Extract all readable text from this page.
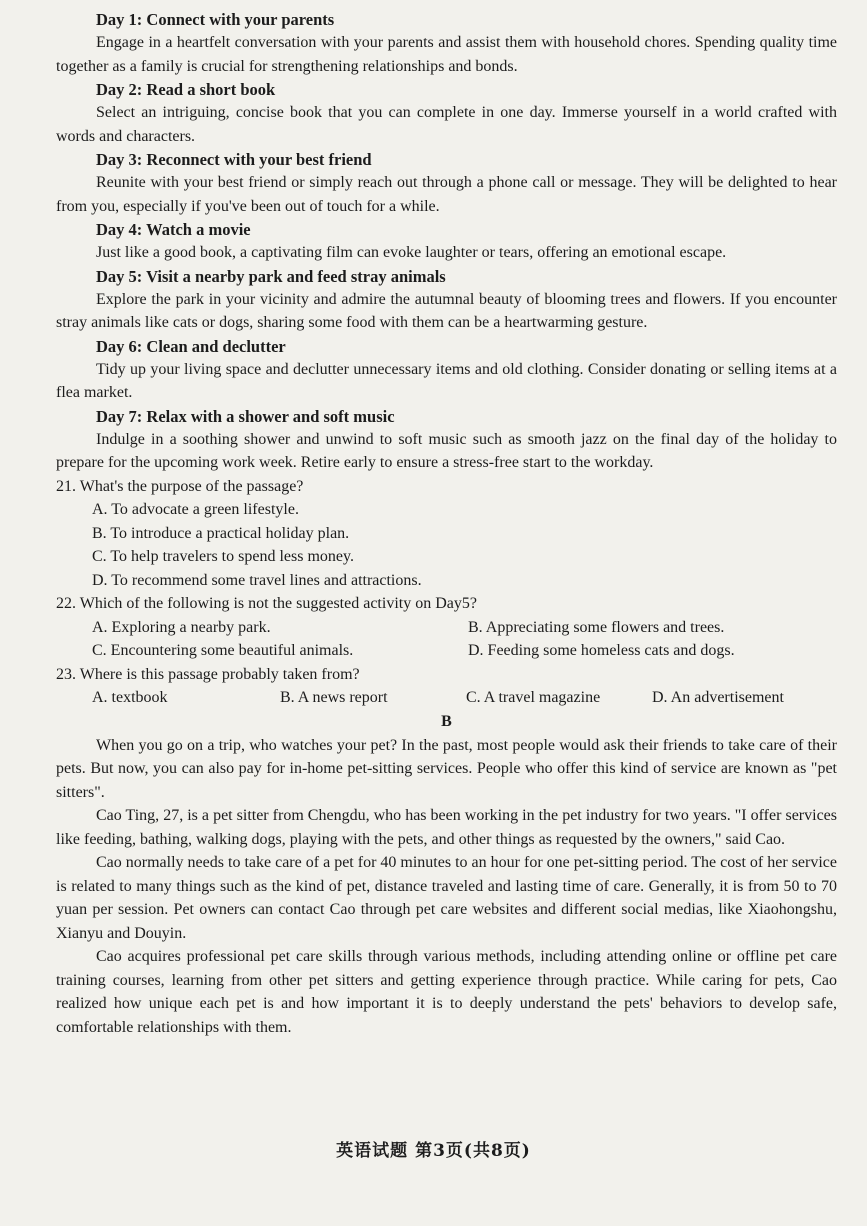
Day 1: Connect with your parents
Engage in a heartfelt conversation with your parents and assist them with household chores. Spending quality time together as a family is crucial for strengthening relationships and bonds.
Day 2: Read a short book
Select an intriguing, concise book that you can complete in one day. Immerse yourself in a world crafted with words and characters.
Day 3: Reconnect with your best friend
Reunite with your best friend or simply reach out through a phone call or message. They will be delighted to hear from you, especially if you've been out of touch for a while.
Day 4: Watch a movie
Just like a good book, a captivating film can evoke laughter or tears, offering an emotional escape.
Day 5: Visit a nearby park and feed stray animals
Explore the park in your vicinity and admire the autumnal beauty of blooming trees and flowers. If you encounter stray animals like cats or dogs, sharing some food with them can be a heartwarming gesture.
Day 6: Clean and declutter
Tidy up your living space and declutter unnecessary items and old clothing. Consider donating or selling items at a flea market.
Day 7: Relax with a shower and soft music
Indulge in a soothing shower and unwind to soft music such as smooth jazz on the final day of the holiday to prepare for the upcoming work week. Retire early to ensure a stress-free start to the workday.
21. What's the purpose of the passage?
A. To advocate a green lifestyle.
B. To introduce a practical holiday plan.
C. To help travelers to spend less money.
D. To recommend some travel lines and attractions.
22. Which of the following is not the suggested activity on Day5?
A. Exploring a nearby park.	B. Appreciating some flowers and trees.
C. Encountering some beautiful animals.	D. Feeding some homeless cats and dogs.
23. Where is this passage probably taken from?
A. textbook	B. A news report	C. A travel magazine	D. An advertisement
B
When you go on a trip, who watches your pet? In the past, most people would ask their friends to take care of their pets. But now, you can also pay for in-home pet-sitting services. People who offer this kind of service are known as "pet sitters".
Cao Ting, 27, is a pet sitter from Chengdu, who has been working in the pet industry for two years. "I offer services like feeding, bathing, walking dogs, playing with the pets, and other things as requested by the owners," said Cao.
Cao normally needs to take care of a pet for 40 minutes to an hour for one pet-sitting period. The cost of her service is related to many things such as the kind of pet, distance traveled and lasting time of care. Generally, it is from 50 to 70 yuan per session. Pet owners can contact Cao through pet care websites and different social medias, like Xiaohongshu, Xianyu and Douyin.
Cao acquires professional pet care skills through various methods, including attending online or offline pet care training courses, learning from other pet sitters and getting experience through practice. While caring for pets, Cao realized how unique each pet is and how important it is to deeply understand the pets' behaviors to develop safe, comfortable relationships with them.
英语试题 第3页(共8页)
